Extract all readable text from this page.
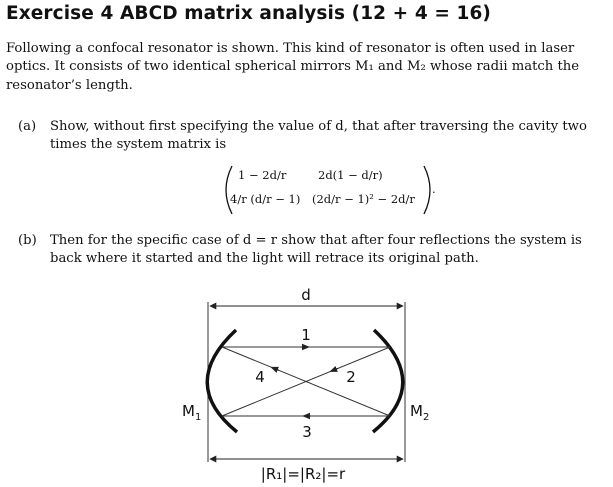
Exercise 4 ABCD matrix analysis (12 + 4 = 16)
Following a confocal resonator is shown. This kind of resonator is often used in laser
optics. It consists of two identical spherical mirrors M₁ and M₂ whose radii match the
resonator’s length.
(a) Show, without first specifying the value of d, that after traversing the cavity two
times the system matrix is
1 − 2d/r	2d(1 − d/r)
4/r (d/r − 1) (2d/r − 1)² − 2d/r
.
(b) Then for the specific case of d = r show that after four reflections the system is
back where it started and the light will retrace its original path.
d
1
2
3
4
$M_1$	$M_2$
|R₁|=|R₂|=r
